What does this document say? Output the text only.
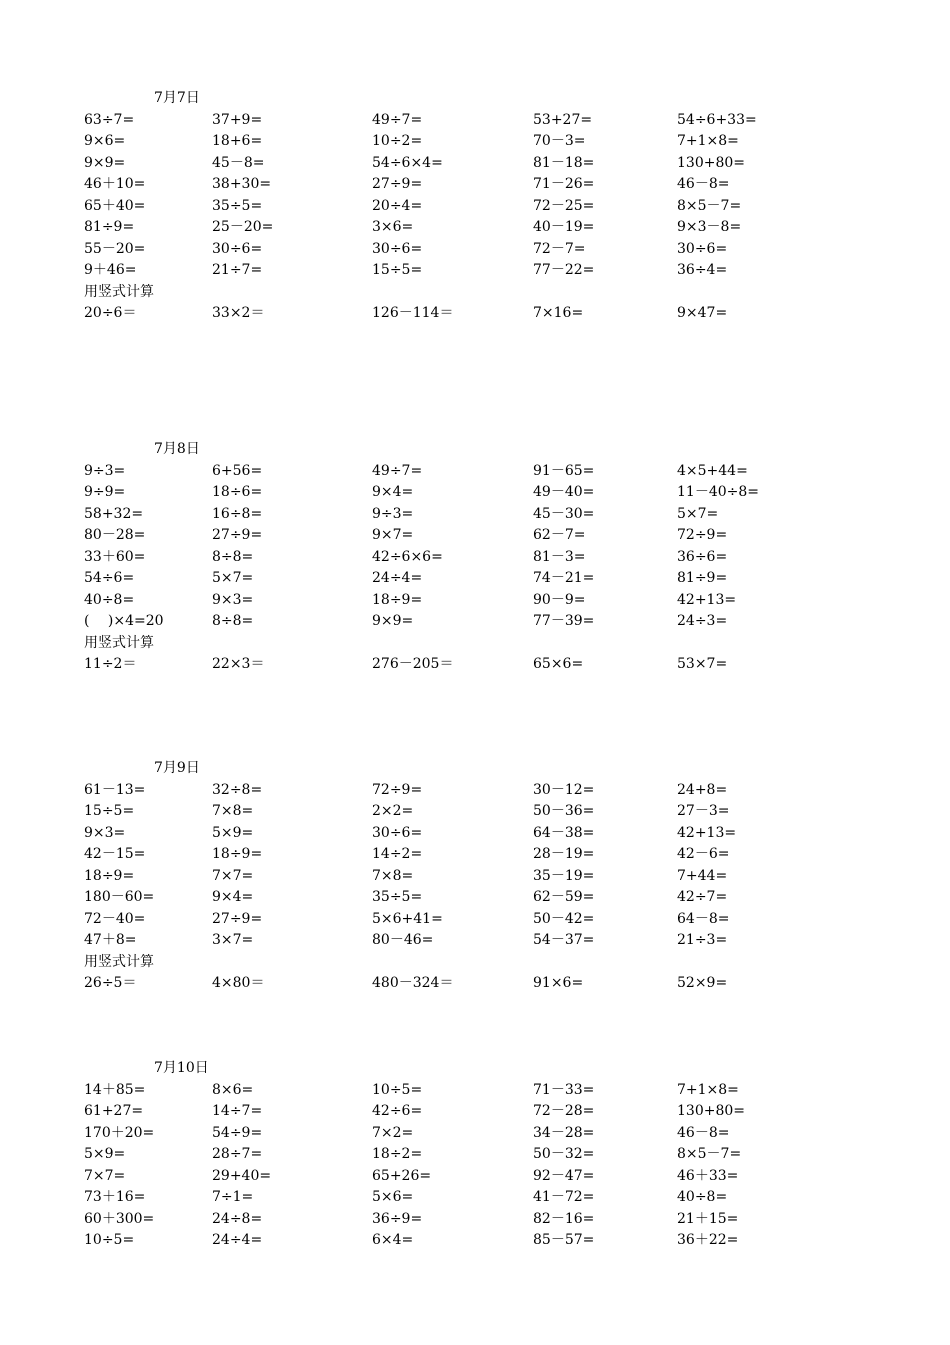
7月7日
63÷7=	37+9=	49÷7=	53+27=	54÷6+33=
9×6=	18+6=	10÷2=	70－3=	7+1×8=
9×9=	45－8=	54÷6×4=	81－18=	130+80=
46＋10=	38+30=	27÷9=	71－26=	46－8=
65＋40=	35÷5=	20÷4=	72－25=	8×5－7=
81÷9=	25－20=	3×6=	40－19=	9×3－8=
55－20=	30÷6=	30÷6=	72－7=	30÷6=
9＋46=	21÷7=	15÷5=	77－22=	36÷4=
用竖式计算
20÷6＝	33×2＝	126－114＝	7×16=	9×47=
7月8日
9÷3=	6+56=	49÷7=	91－65=	4×5+44=
9÷9=	18÷6=	9×4=	49－40=	11－40÷8=
58+32=	16÷8=	9÷3=	45－30=	5×7=
80－28=	27÷9=	9×7=	62－7=	72÷9=
33＋60=	8÷8=	42÷6×6=	81－3=	36÷6=
54÷6=	5×7=	24÷4=	74－21=	81÷9=
40÷8=	9×3=	18÷9=	90－9=	42+13=
(　 )×4=20	8÷8=	9×9=	77－39=	24÷3=
用竖式计算
11÷2＝	22×3＝	276－205＝	65×6=	53×7=
7月9日
61－13=	32÷8=	72÷9=	30－12=	24+8=
15÷5=	7×8=	2×2=	50－36=	27－3=
9×3=	5×9=	30÷6=	64－38=	42+13=
42－15=	18÷9=	14÷2=	28－19=	42－6=
18÷9=	7×7=	7×8=	35－19=	7+44=
180－60=	9×4=	35÷5=	62－59=	42÷7=
72－40=	27÷9=	5×6+41=	50－42=	64－8=
47＋8=	3×7=	80－46=	54－37=	21÷3=
用竖式计算
26÷5＝	4×80＝	480－324＝	91×6=	52×9=
7月10日
14＋85=	8×6=	10÷5=	71－33=	7+1×8=
61+27=	14÷7=	42÷6=	72－28=	130+80=
170＋20=	54÷9=	7×2=	34－28=	46－8=
5×9=	28÷7=	18÷2=	50－32=	8×5－7=
7×7=	29+40=	65+26=	92－47=	46＋33=
73＋16=	7÷1=	5×6=	41－72=	40÷8=
60＋300=	24÷8=	36÷9=	82－16=	21＋15=
10÷5=	24÷4=	6×4=	85－57=	36＋22=
